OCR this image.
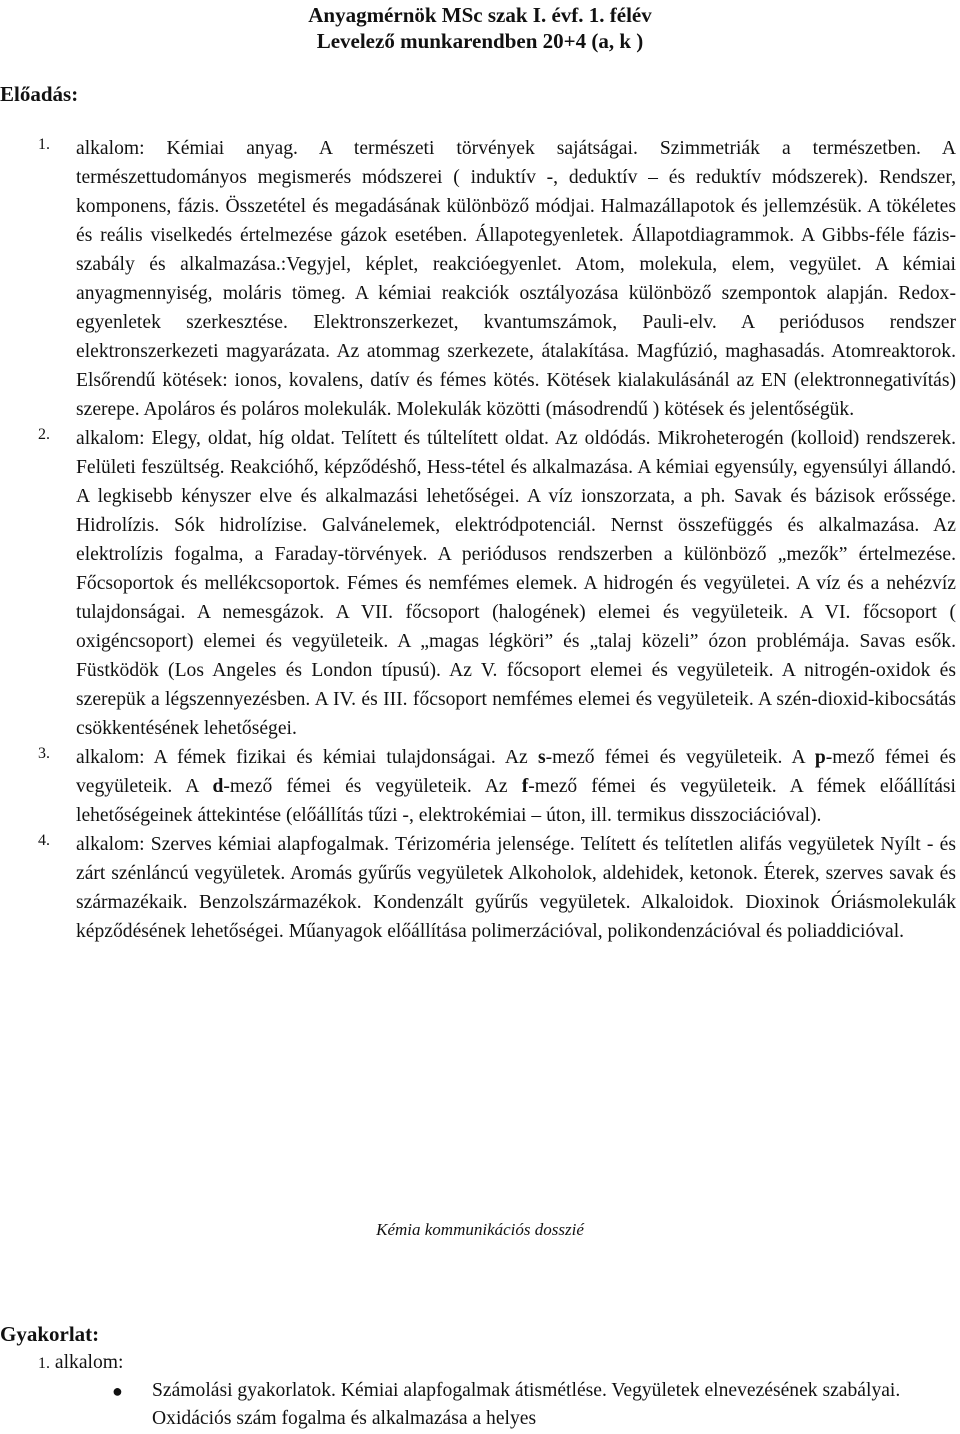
Anyagmérnök MSc szak I. évf. 1. félév
Levelező munkarendben 20+4 (a, k )
Előadás:
1. alkalom: Kémiai anyag. A természeti törvények sajátságai. Szimmetriák a természetben. A természettudományos megismerés módszerei ( induktív -, deduktív – és reduktív módszerek). Rendszer, komponens, fázis. Összetétel és megadásának különböző módjai. Halmazállapotok és jellemzésük. A tökéletes és reális viselkedés értelmezése gázok esetében. Állapotegyenletek. Állapotdiagrammok. A Gibbs-féle fázis- szabály és alkalmazása.:Vegyjel, képlet, reakcióegyenlet. Atom, molekula, elem, vegyület. A kémiai anyagmennyiség, moláris tömeg. A kémiai reakciók osztályozása különböző szempontok alapján. Redox-egyenletek szerkesztése. Elektronszerkezet, kvantumszámok, Pauli-elv. A periódusos rendszer elektronszerkezeti magyarázata. Az atommag szerkezete, átalakítása. Magfúzió, maghasadás. Atomreaktorok. Elsőrendű kötések: ionos, kovalens, datív és fémes kötés. Kötések kialakulásánál az EN (elektronnegativítás) szerepe. Apoláros és poláros molekulák. Molekulák közötti (másodrendű ) kötések és jelentőségük.
2. alkalom: Elegy, oldat, híg oldat. Telített és túltelített oldat. Az oldódás. Mikroheterogén (kolloid) rendszerek. Felületi feszültség. Reakcióhő, képződéshő, Hess-tétel és alkalmazása. A kémiai egyensúly, egyensúlyi állandó. A legkisebb kényszer elve és alkalmazási lehetőségei. A víz ionszorzata, a ph. Savak és bázisok erőssége. Hidrolízis. Sók hidrolízise. Galvánelemek, elektródpotenciál. Nernst összefüggés és alkalmazása. Az elektrolízis fogalma, a Faraday-törvények. A periódusos rendszerben a különböző „mezők” értelmezése. Főcsoportok és mellékcsoportok. Fémes és nemfémes elemek. A hidrogén és vegyületei. A víz és a nehézvíz tulajdonságai. A nemesgázok. A VII. főcsoport (halogének) elemei és vegyületeik. A VI. főcsoport ( oxigéncsoport) elemei és vegyületeik. A „magas légköri” és „talaj közeli” ózon problémája. Savas esők. Füstködök (Los Angeles és London típusú). Az V. főcsoport elemei és vegyületeik. A nitrogén-oxidok és szerepük a légszennyezésben. A IV. és III. főcsoport nemfémes elemei és vegyületeik. A szén-dioxid-kibocsátás csökkentésének lehetőségei.
3. alkalom: A fémek fizikai és kémiai tulajdonságai. Az s-mező fémei és vegyületeik. A p-mező fémei és vegyületeik. A d-mező fémei és vegyületeik. Az f-mező fémei és vegyületeik. A fémek előállítási lehetőségeinek áttekintése (előállítás tűzi -, elektrokémiai – úton, ill. termikus disszociációval).
4. alkalom: Szerves kémiai alapfogalmak. Térizoméria jelensége. Telített és telítetlen alifás vegyületek Nyílt - és zárt szénláncú vegyületek. Aromás gyűrűs vegyületek Alkoholok, aldehidek, ketonok. Éterek, szerves savak és származékaik. Benzolszármazékok. Kondenzált gyűrűs vegyületek. Alkaloidok. Dioxinok Óriásmolekulák képződésének lehetőségei. Műanyagok előállítása polimerzációval, polikondenzációval és poliaddicióval.
Kémia kommunikációs dosszié
Gyakorlat:
1. alkalom:
● Számolási gyakorlatok. Kémiai alapfogalmak átismétlése. Vegyületek elnevezésének szabályai. Oxidációs szám fogalma és alkalmazása a helyes
